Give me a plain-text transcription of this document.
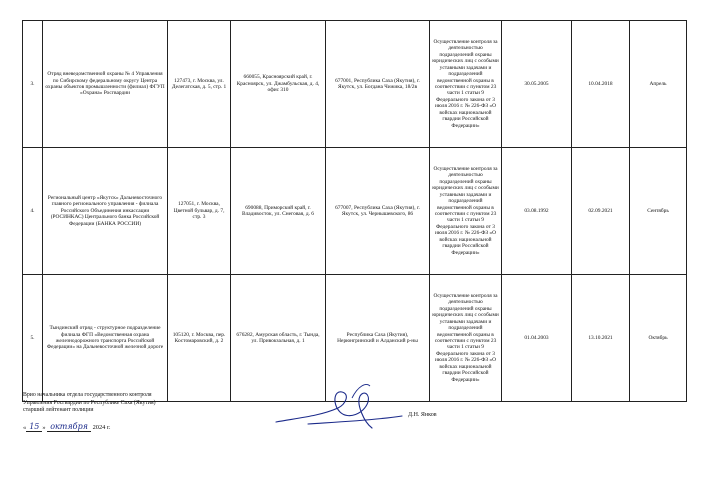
3.	Отряд вневедомственной охраны № 4 Управления по Сибирскому федеральному округу Центра охраны объектов промышленности (филиал) ФГУП «Охрана» Росгвардии	127473, г. Москва, ул. Делегатская, д. 5, стр. 1	660055, Красноярский край, г. Красноярск, ул. Джамбульская, д. 4, офис 310	677001, Республика Саха (Якутия), г. Якутск, ул. Богдана Чижика, 18/2в	Осуществление контроля за деятельностью подразделений охраны юридических лиц с особыми уставными задачами и подразделений ведомственной охраны в соответствии с пунктом 23 части 1 статьи 9 Федерального закона от 3 июля 2016 г. № 226-ФЗ «О войсках национальной гвардии Российской Федерации»	30.05.2005	10.04.2018	Апрель	
4.	Региональный центр «Якутск» Дальневосточного главного регионального управления - филиала Российского Объединения инкассации (РОСИНКАС) Центрального банка Российской Федерации (БАНКА РОССИИ)	127051, г. Москва, Цветной бульвар, д. 7, стр. 3	690088, Приморский край, г. Владивосток, ул. Снеговая, д. 6	677007, Республика Саха (Якутия), г. Якутск, ул. Чернышевского, 86	Осуществление контроля за деятельностью подразделений охраны юридических лиц с особыми уставными задачами и подразделений ведомственной охраны в соответствии с пунктом 23 части 1 статьи 9 Федерального закона от 3 июля 2016 г. № 226-ФЗ «О войсках национальной гвардии Российской Федерации»	03.08.1992	02.09.2021	Сентябрь	
5.	Тындинский отряд - структурное подразделение филиала ФГП «Ведомственная охрана железнодорожного транспорта Российской Федерации» на Дальневосточной железной дороге	105120, г. Москва, пер. Костомаровский, д. 2	676282, Амурская область, г. Тында, ул. Привокзальная, д. 1	Республика Саха (Якутия), Нерюнгринский и Алданский р-ны	Осуществление контроля за деятельностью подразделений охраны юридических лиц с особыми уставными задачами и подразделений ведомственной охраны в соответствии с пунктом 23 части 1 статьи 9 Федерального закона от 3 июля 2016 г. № 226-ФЗ «О войсках национальной гвардии Российской Федерации»	01.04.2003	13.10.2021	Октябрь	
Врио начальника отдела государственного контроля
Управления Росгвардии по Республике Саха (Якутия)
старший лейтенант полиции
Д.Н. Янков
« 15 » октября 2024 г.
